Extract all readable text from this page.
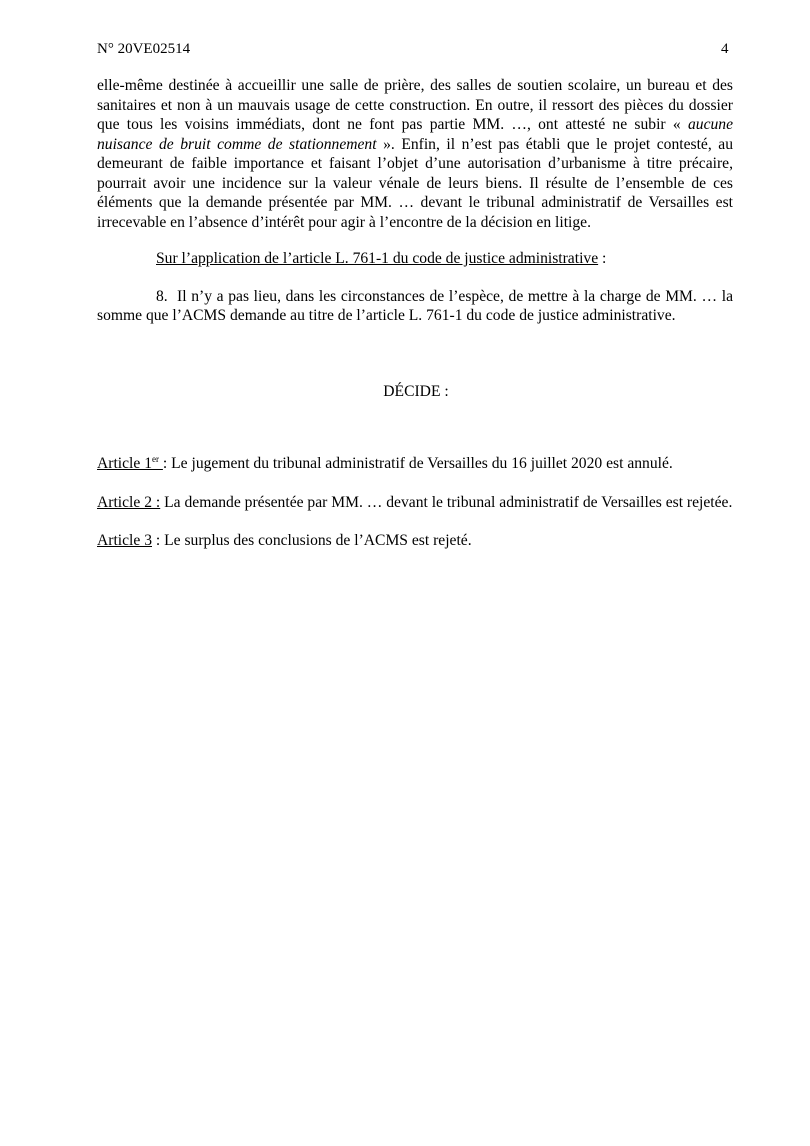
N° 20VE02514	4

elle-même destinée à accueillir une salle de prière, des salles de soutien scolaire, un bureau et des sanitaires et non à un mauvais usage de cette construction. En outre, il ressort des pièces du dossier que tous les voisins immédiats, dont ne font pas partie MM. …, ont attesté ne subir « aucune nuisance de bruit comme de stationnement ». Enfin, il n’est pas établi que le projet contesté, au demeurant de faible importance et faisant l’objet d’une autorisation d’urbanisme à titre précaire, pourrait avoir une incidence sur la valeur vénale de leurs biens. Il résulte de l’ensemble de ces éléments que la demande présentée par MM. … devant le tribunal administratif de Versailles est irrecevable en l’absence d’intérêt pour agir à l’encontre de la décision en litige.

Sur l’application de l’article L. 761-1 du code de justice administrative :

8.  Il n’y a pas lieu, dans les circonstances de l’espèce, de mettre à la charge de MM. … la somme que l’ACMS demande au titre de l’article L. 761-1 du code de justice administrative.

DÉCIDE :

Article 1er : Le jugement du tribunal administratif de Versailles du 16 juillet 2020 est annulé.

Article 2 : La demande présentée par MM. … devant le tribunal administratif de Versailles est rejetée.

Article 3 : Le surplus des conclusions de l’ACMS est rejeté.
